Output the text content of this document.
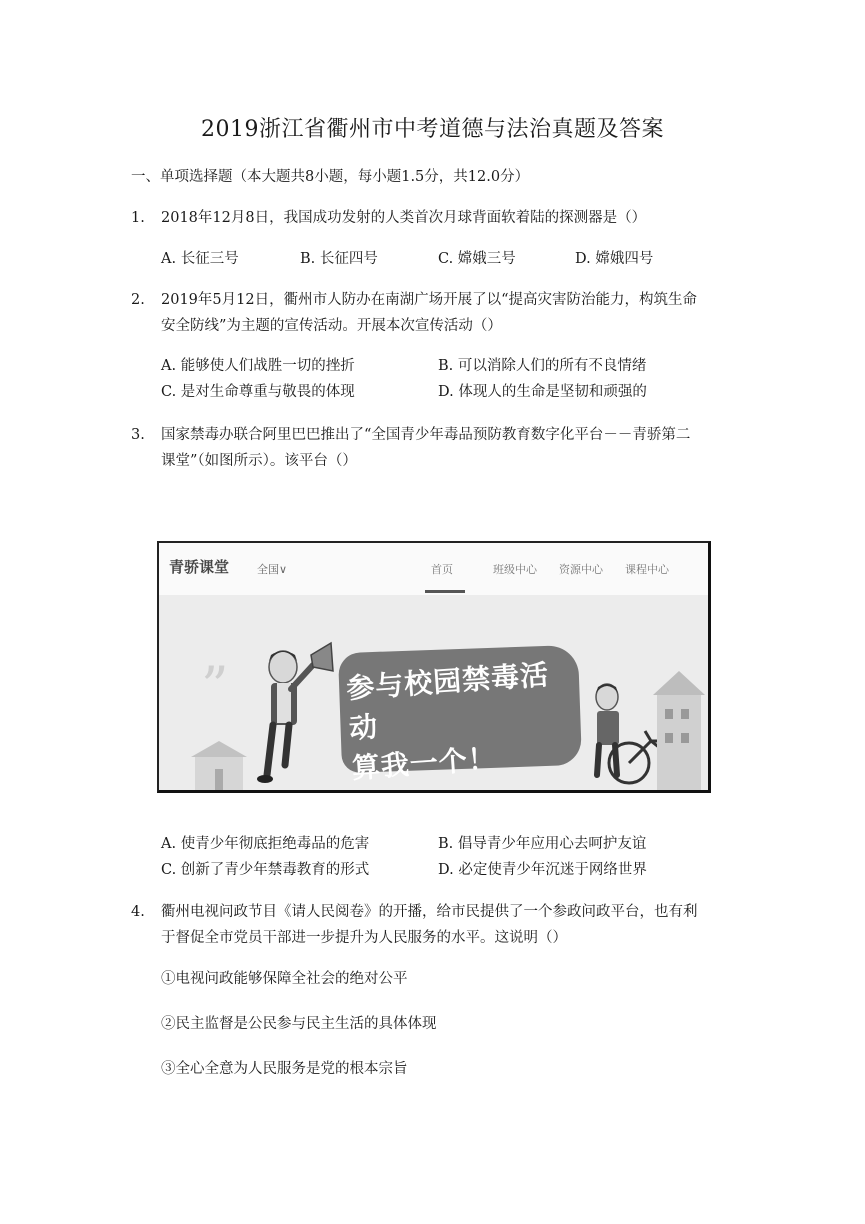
2019浙江省衢州市中考道德与法治真题及答案

一、单项选择题（本大题共8小题，每小题1.5分，共12.0分）

1. 2018年12月8日，我国成功发射的人类首次月球背面软着陆的探测器是（）

A. 长征三号	B. 长征四号	C. 嫦娥三号	D. 嫦娥四号
2. 2019年5月12日，衢州市人防办在南湖广场开展了以“提高灾害防治能力，构筑生命

安全防线”为主题的宣传活动。开展本次宣传活动（）

A. 能够使人们战胜一切的挫折	B. 可以消除人们的所有不良情绪
C. 是对生命尊重与敬畏的体现	D. 体现人的生命是坚韧和顽强的
3. 国家禁毒办联合阿里巴巴推出了“全国青少年毒品预防教育数字化平台－－青骄第二

课堂”（如图所示）。该平台（）

青骄课堂	全国∨	首页	班级中心 资源中心 课程中心
”	参与校园禁毒活动
算我一个！
A. 使青少年彻底拒绝毒品的危害	B. 倡导青少年应用心去呵护友谊
C. 创新了青少年禁毒教育的形式	D. 必定使青少年沉迷于网络世界
4. 衢州电视问政节目《请人民阅卷》的开播，给市民提供了一个参政问政平台，也有利

于督促全市党员干部进一步提升为人民服务的水平。这说明（）

①电视问政能够保障全社会的绝对公平

②民主监督是公民参与民主生活的具体体现

③全心全意为人民服务是党的根本宗旨
